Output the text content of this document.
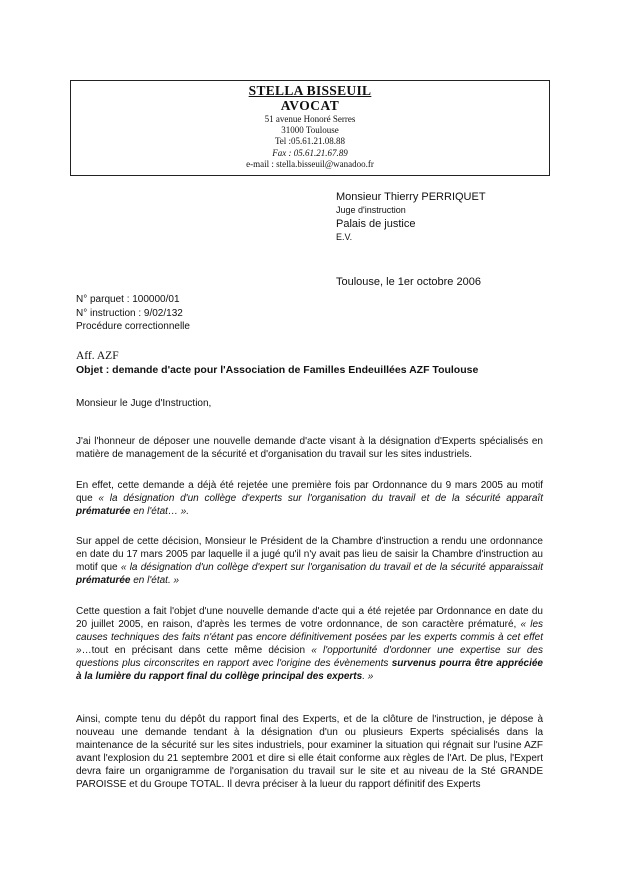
STELLA BISSEUIL
AVOCAT
51 avenue Honoré Serres
31000 Toulouse
Tel :05.61.21.08.88
Fax : 05.61.21.67.89
e-mail : stella.bisseuil@wanadoo.fr
Monsieur Thierry PERRIQUET
Juge d'instruction
Palais de justice
E.V.
Toulouse, le 1er octobre 2006
N° parquet : 100000/01
N° instruction : 9/02/132
Procédure correctionnelle
Aff. AZF
Objet : demande d'acte pour l'Association de Familles Endeuillées AZF Toulouse
Monsieur le Juge d'Instruction,
J'ai l'honneur de déposer une nouvelle demande d'acte visant à la désignation d'Experts spécialisés en matière de management de la sécurité et d'organisation du travail sur les sites industriels.
En effet, cette demande a déjà été rejetée une première fois par Ordonnance du 9 mars 2005 au motif que « la désignation d'un collège d'experts sur l'organisation du travail et de la sécurité apparaît prématurée en l'état… ».
Sur appel de cette décision, Monsieur le Président de la Chambre d'instruction a rendu une ordonnance en date du 17 mars 2005 par laquelle il a jugé qu'il n'y avait pas lieu de saisir la Chambre d'instruction au motif que « la désignation d'un collège d'expert sur l'organisation du travail et de la sécurité apparaissait prématurée en l'état. »
Cette question a fait l'objet d'une nouvelle demande d'acte qui a été rejetée par Ordonnance en date du 20 juillet 2005, en raison, d'après les termes de votre ordonnance, de son caractère prématuré, « les causes techniques des faits n'étant pas encore définitivement posées par les experts commis à cet effet »…tout en précisant dans cette même décision « l'opportunité d'ordonner une expertise sur des questions plus circonscrites en rapport avec l'origine des évènements survenus pourra être appréciée à la lumière du rapport final du collège principal des experts. »
Ainsi, compte tenu du dépôt du rapport final des Experts, et de la clôture de l'instruction, je dépose à nouveau une demande tendant à la désignation d'un ou plusieurs Experts spécialisés dans la maintenance de la sécurité sur les sites industriels, pour examiner la situation qui régnait sur l'usine AZF avant l'explosion du 21 septembre 2001 et dire si elle était conforme aux règles de l'Art. De plus, l'Expert devra faire un organigramme de l'organisation du travail sur le site et au niveau de la Sté GRANDE PAROISSE et du Groupe TOTAL. Il devra préciser à la lueur du rapport définitif des Experts
